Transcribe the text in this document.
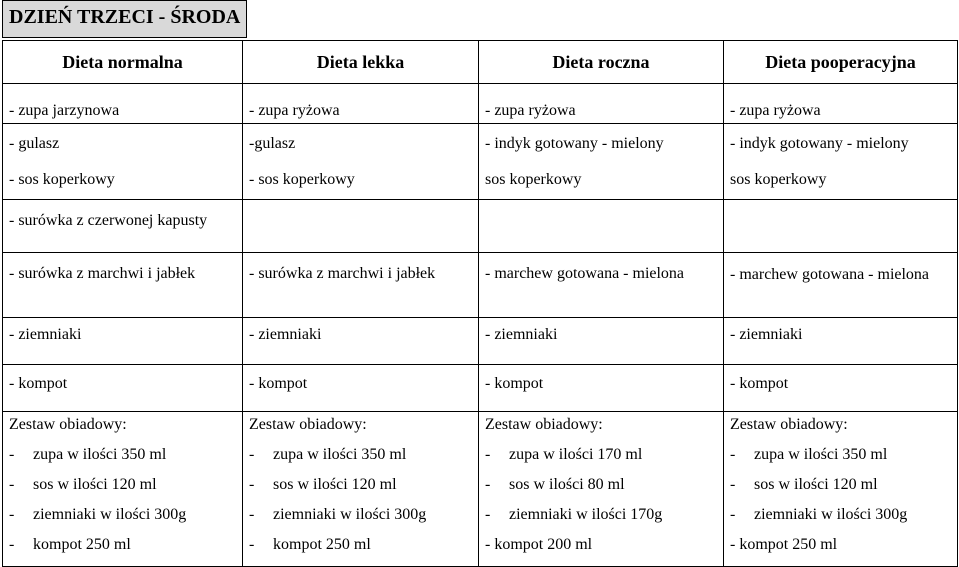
DZIEŃ TRZECI - ŚRODA
Dieta normalna	Dieta lekka	Dieta roczna	Dieta pooperacyjna
- zupa jarzynowa	- zupa ryżowa	- zupa ryżowa	- zupa ryżowa
- gulasz	-gulasz	- indyk gotowany - mielony	- indyk gotowany - mielony
- sos koperkowy	- sos koperkowy	sos koperkowy	sos koperkowy
- surówka z czerwonej kapusty			
- surówka z marchwi i jabłek	- surówka z marchwi i jabłek	- marchew gotowana - mielona	- marchew gotowana - mielona
- ziemniaki	- ziemniaki	- ziemniaki	- ziemniaki
- kompot	- kompot	- kompot	- kompot
Zestaw obiadowy:	Zestaw obiadowy:	Zestaw obiadowy:	Zestaw obiadowy:
- zupa w ilości 350 ml	- zupa w ilości 350 ml	- zupa w ilości 170 ml	- zupa w ilości 350 ml
- sos w ilości 120 ml	- sos w ilości 120 ml	- sos w ilości 80 ml	- sos w ilości 120 ml
- ziemniaki w ilości 300g	- ziemniaki w ilości 300g	- ziemniaki w ilości 170g	- ziemniaki w ilości 300g
- kompot 250 ml	- kompot 250 ml	- kompot 200 ml	- kompot 250 ml
